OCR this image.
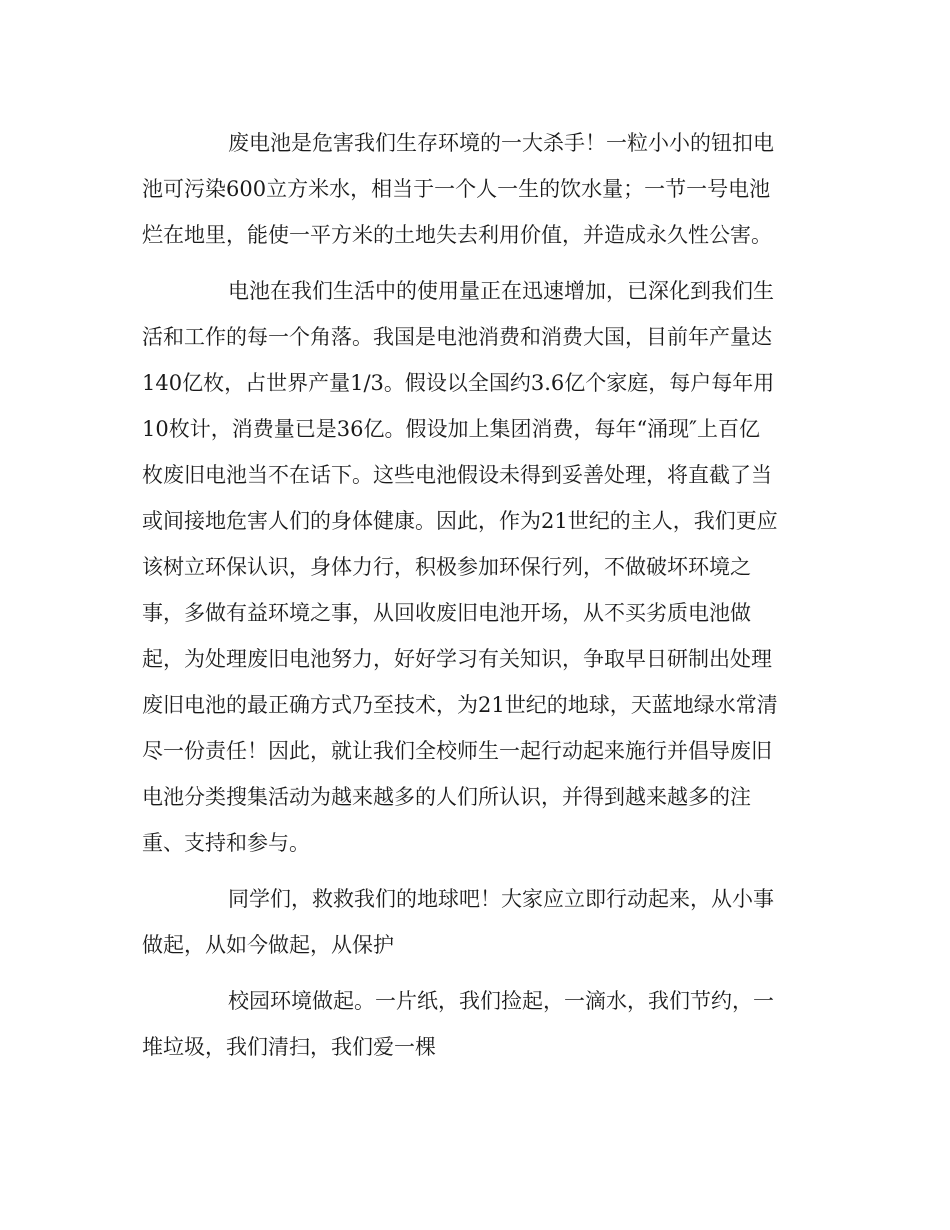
废电池是危害我们生存环境的一大杀手！一粒小小的钮扣电
池可污染600立方米水，相当于一个人一生的饮水量；一节一号电池
烂在地里，能使一平方米的土地失去利用价值，并造成永久性公害。

电池在我们生活中的使用量正在迅速增加，已深化到我们生
活和工作的每一个角落。我国是电池消费和消费大国，目前年产量达
140亿枚，占世界产量1/3。假设以全国约3.6亿个家庭，每户每年用
10枚计，消费量已是36亿。假设加上集团消费，每年“涌现″上百亿
枚废旧电池当不在话下。这些电池假设未得到妥善处理，将直截了当
或间接地危害人们的身体健康。因此，作为21世纪的主人，我们更应
该树立环保认识，身体力行，积极参加环保行列，不做破坏环境之
事，多做有益环境之事，从回收废旧电池开场，从不买劣质电池做
起，为处理废旧电池努力，好好学习有关知识，争取早日研制出处理
废旧电池的最正确方式乃至技术，为21世纪的地球，天蓝地绿水常清
尽一份责任！因此，就让我们全校师生一起行动起来施行并倡导废旧
电池分类搜集活动为越来越多的人们所认识，并得到越来越多的注
重、支持和参与。

同学们，救救我们的地球吧！大家应立即行动起来，从小事
做起，从如今做起，从保护

校园环境做起。一片纸，我们捡起，一滴水，我们节约，一
堆垃圾，我们清扫，我们爱一棵
